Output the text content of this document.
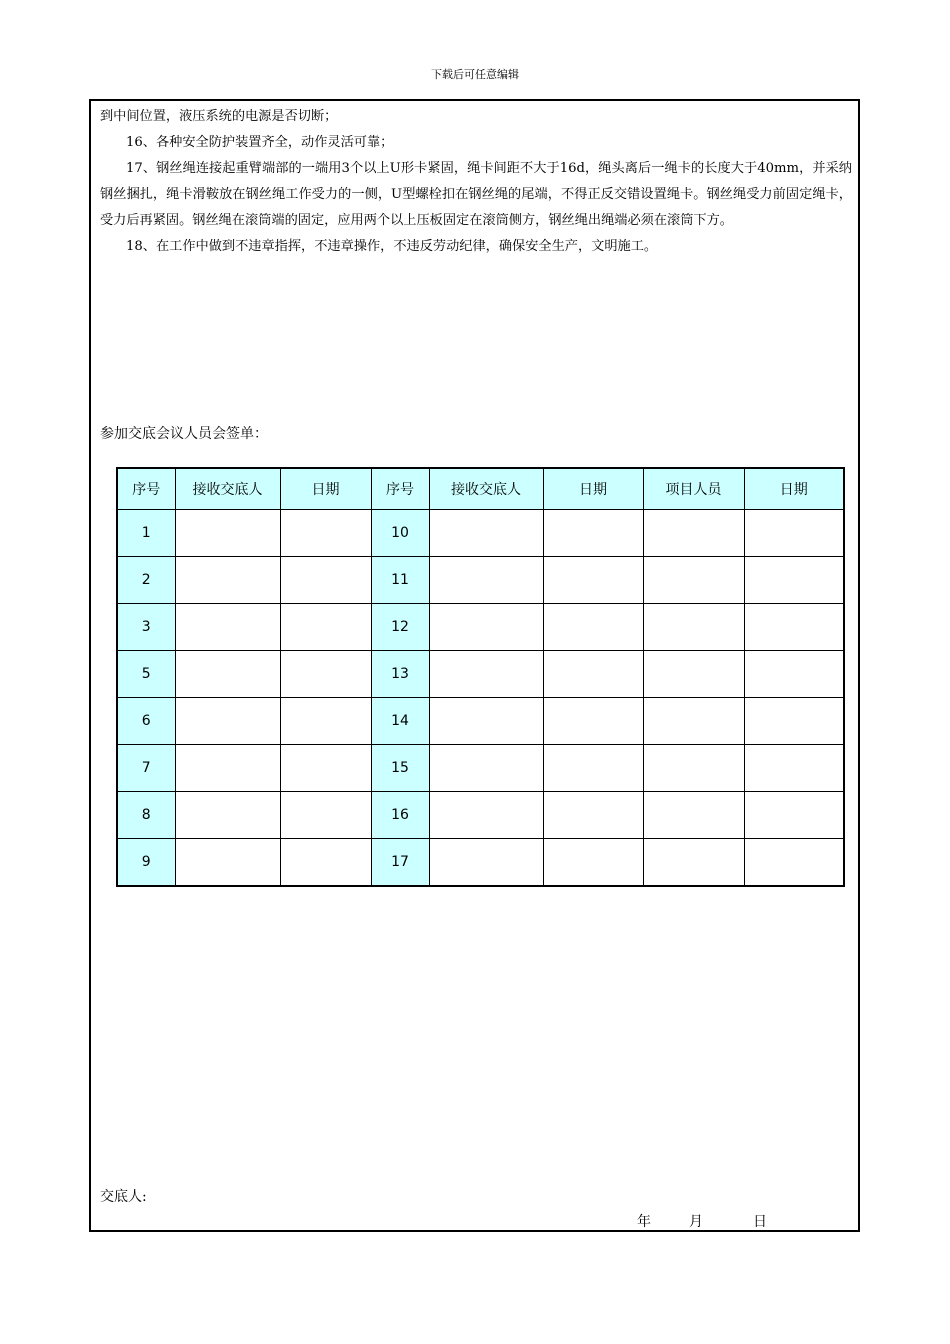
下载后可任意编辑

到中间位置，液压系统的电源是否切断；

16、各种安全防护装置齐全，动作灵活可靠；

17、钢丝绳连接起重臂端部的一端用3个以上U形卡紧固，绳卡间距不大于16d，绳头离后一绳卡的长度大于40mm，并采纳钢丝捆扎，绳卡滑鞍放在钢丝绳工作受力的一侧，U型螺栓扣在钢丝绳的尾端，不得正反交错设置绳卡。钢丝绳受力前固定绳卡，受力后再紧固。钢丝绳在滚筒端的固定，应用两个以上压板固定在滚筒侧方，钢丝绳出绳端必须在滚筒下方。

18、在工作中做到不违章指挥，不违章操作，不违反劳动纪律，确保安全生产，文明施工。

参加交底会议人员会签单：
序号	接收交底人	日期	序号	接收交底人	日期	项目人员	日期
1			10				
2			11				
3			12				
5			13				
6			14				
7			15				
8			16				
9			17				
交底人:
年	月	日
